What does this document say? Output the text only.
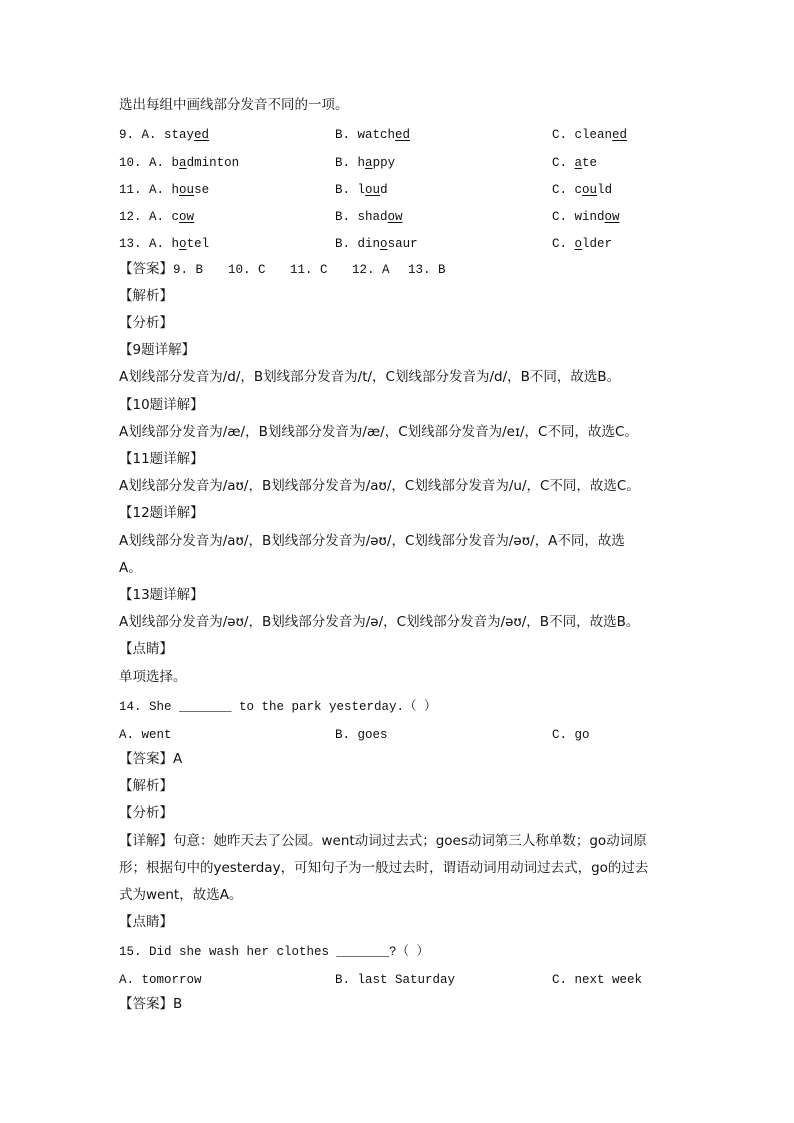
选出每组中画线部分发音不同的一项。
9. A. stayed	B. watched	C. cleaned
10. A. badminton	B. happy	C. ate
11. A. house	B. loud	C. could
12. A. cow	B. shadow	C. window
13. A. hotel	B. dinosaur	C. older
【答案】9. B 10. C 11. C 12. A 13. B
【解析】
【分析】
【9题详解】
A划线部分发音为/d/，B划线部分发音为/t/，C划线部分发音为/d/，B不同，故选B。
【10题详解】
A划线部分发音为/æ/，B划线部分发音为/æ/，C划线部分发音为/eɪ/，C不同，故选C。
【11题详解】
A划线部分发音为/aʊ/，B划线部分发音为/aʊ/，C划线部分发音为/u/，C不同，故选C。
【12题详解】
A划线部分发音为/aʊ/，B划线部分发音为/əʊ/，C划线部分发音为/əʊ/，A不同，故选
A。
【13题详解】
A划线部分发音为/əʊ/，B划线部分发音为/ə/，C划线部分发音为/əʊ/，B不同，故选B。
【点睛】
单项选择。
14. She _______ to the park yesterday.（ ）
A. went	B. goes	C. go
【答案】A
【解析】
【分析】
【详解】句意：她昨天去了公园。went动词过去式；goes动词第三人称单数；go动词原
形；根据句中的yesterday，可知句子为一般过去时，谓语动词用动词过去式，go的过去
式为went，故选A。
【点睛】
15. Did she wash her clothes _______?（ ）
A. tomorrow	B. last Saturday	C. next week
【答案】B
